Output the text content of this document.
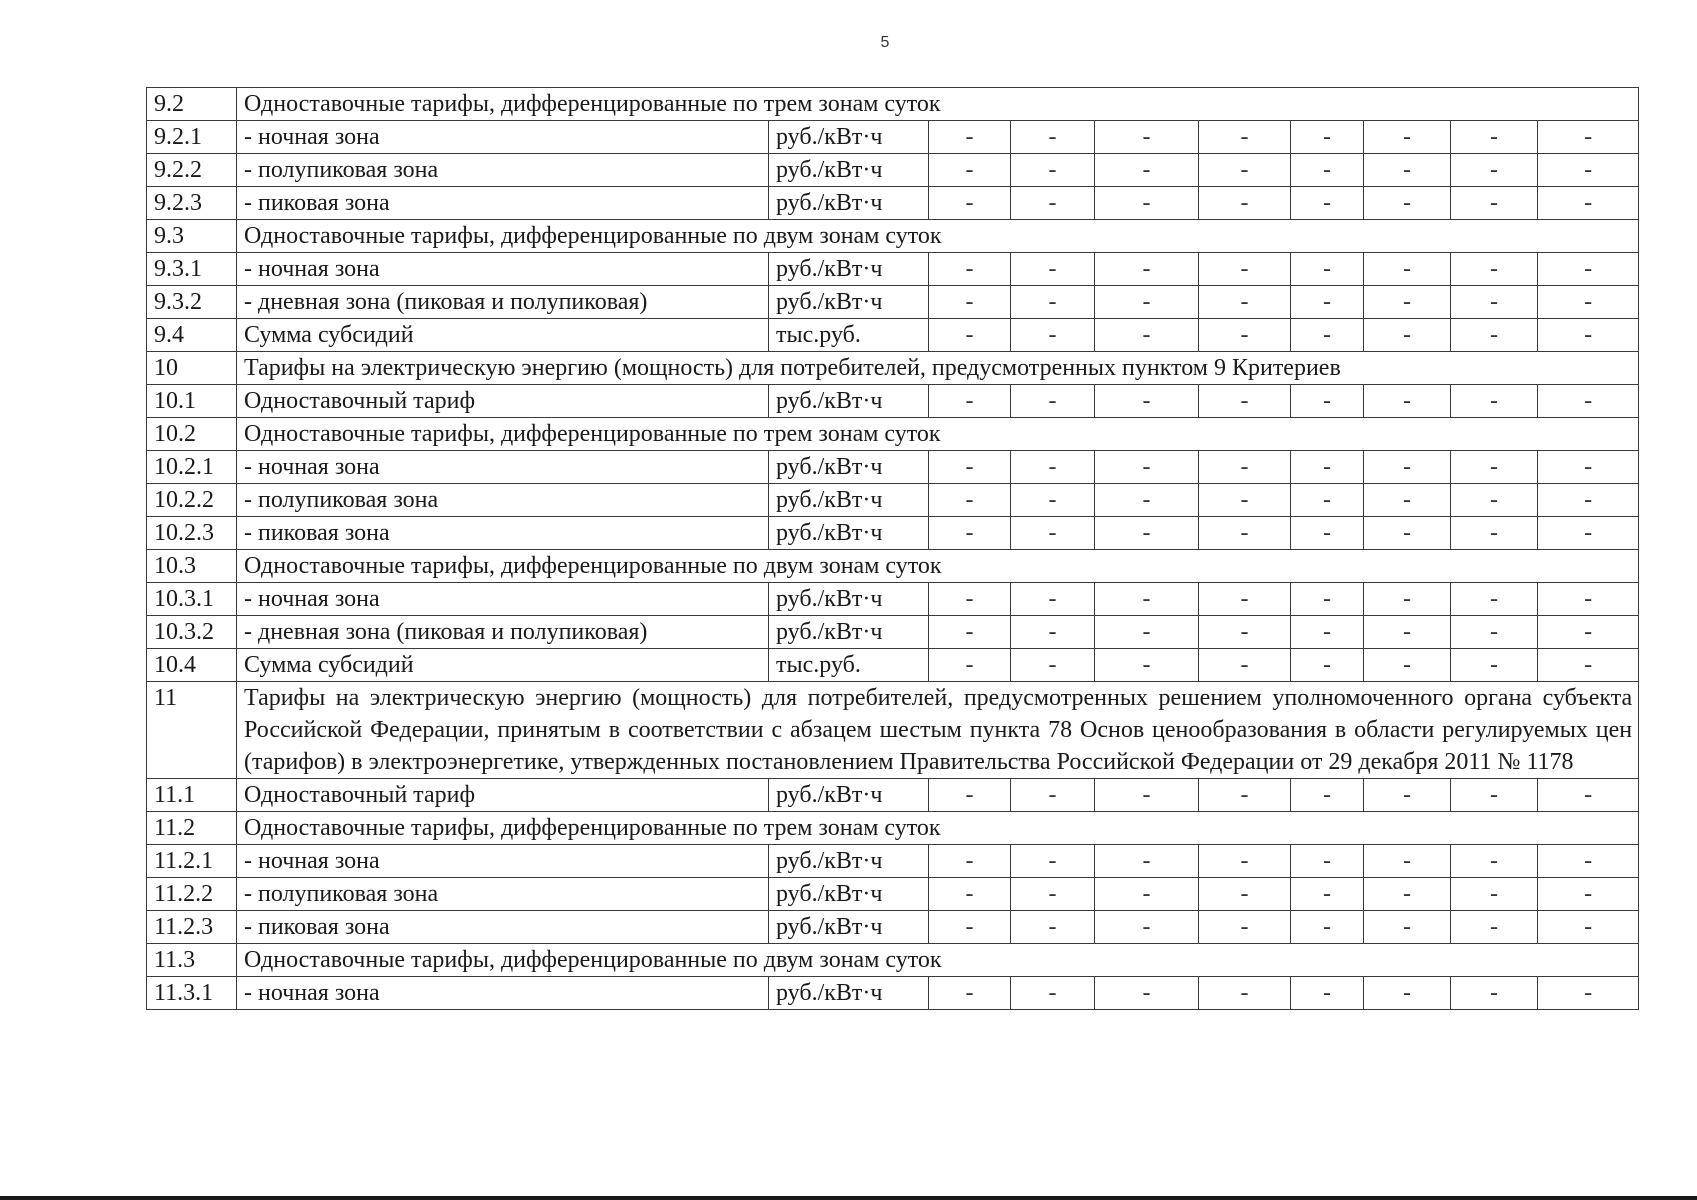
5
9.2	Одноставочные тарифы, дифференцированные по трем зонам суток									
9.2.1	- ночная зона	руб./кВт·ч	-	-	-	-	-	-	-	-
9.2.2	- полупиковая зона	руб./кВт·ч	-	-	-	-	-	-	-	-
9.2.3	- пиковая зона	руб./кВт·ч	-	-	-	-	-	-	-	-
9.3	Одноставочные тарифы, дифференцированные по двум зонам суток									
9.3.1	- ночная зона	руб./кВт·ч	-	-	-	-	-	-	-	-
9.3.2	- дневная зона (пиковая и полупиковая)	руб./кВт·ч	-	-	-	-	-	-	-	-
9.4	Сумма субсидий	тыс.руб.	-	-	-	-	-	-	-	-
10	Тарифы на электрическую энергию (мощность) для потребителей, предусмотренных пунктом 9 Критериев									
10.1	Одноставочный тариф	руб./кВт·ч	-	-	-	-	-	-	-	-
10.2	Одноставочные тарифы, дифференцированные по трем зонам суток									
10.2.1	- ночная зона	руб./кВт·ч	-	-	-	-	-	-	-	-
10.2.2	- полупиковая зона	руб./кВт·ч	-	-	-	-	-	-	-	-
10.2.3	- пиковая зона	руб./кВт·ч	-	-	-	-	-	-	-	-
10.3	Одноставочные тарифы, дифференцированные по двум зонам суток									
10.3.1	- ночная зона	руб./кВт·ч	-	-	-	-	-	-	-	-
10.3.2	- дневная зона (пиковая и полупиковая)	руб./кВт·ч	-	-	-	-	-	-	-	-
10.4	Сумма субсидий	тыс.руб.	-	-	-	-	-	-	-	-
11	Тарифы на электрическую энергию (мощность) для потребителей, предусмотренных решением уполномоченного органа субъекта Российской Федерации, принятым в соответствии с абзацем шестым пункта 78 Основ ценообразования в области регулируемых цен (тарифов) в электроэнергетике, утвержденных постановлением Правительства Российской Федерации от 29 декабря 2011 № 1178									
11.1	Одноставочный тариф	руб./кВт·ч	-	-	-	-	-	-	-	-
11.2	Одноставочные тарифы, дифференцированные по трем зонам суток									
11.2.1	- ночная зона	руб./кВт·ч	-	-	-	-	-	-	-	-
11.2.2	- полупиковая зона	руб./кВт·ч	-	-	-	-	-	-	-	-
11.2.3	- пиковая зона	руб./кВт·ч	-	-	-	-	-	-	-	-
11.3	Одноставочные тарифы, дифференцированные по двум зонам суток									
11.3.1	- ночная зона	руб./кВт·ч	-	-	-	-	-	-	-	-
